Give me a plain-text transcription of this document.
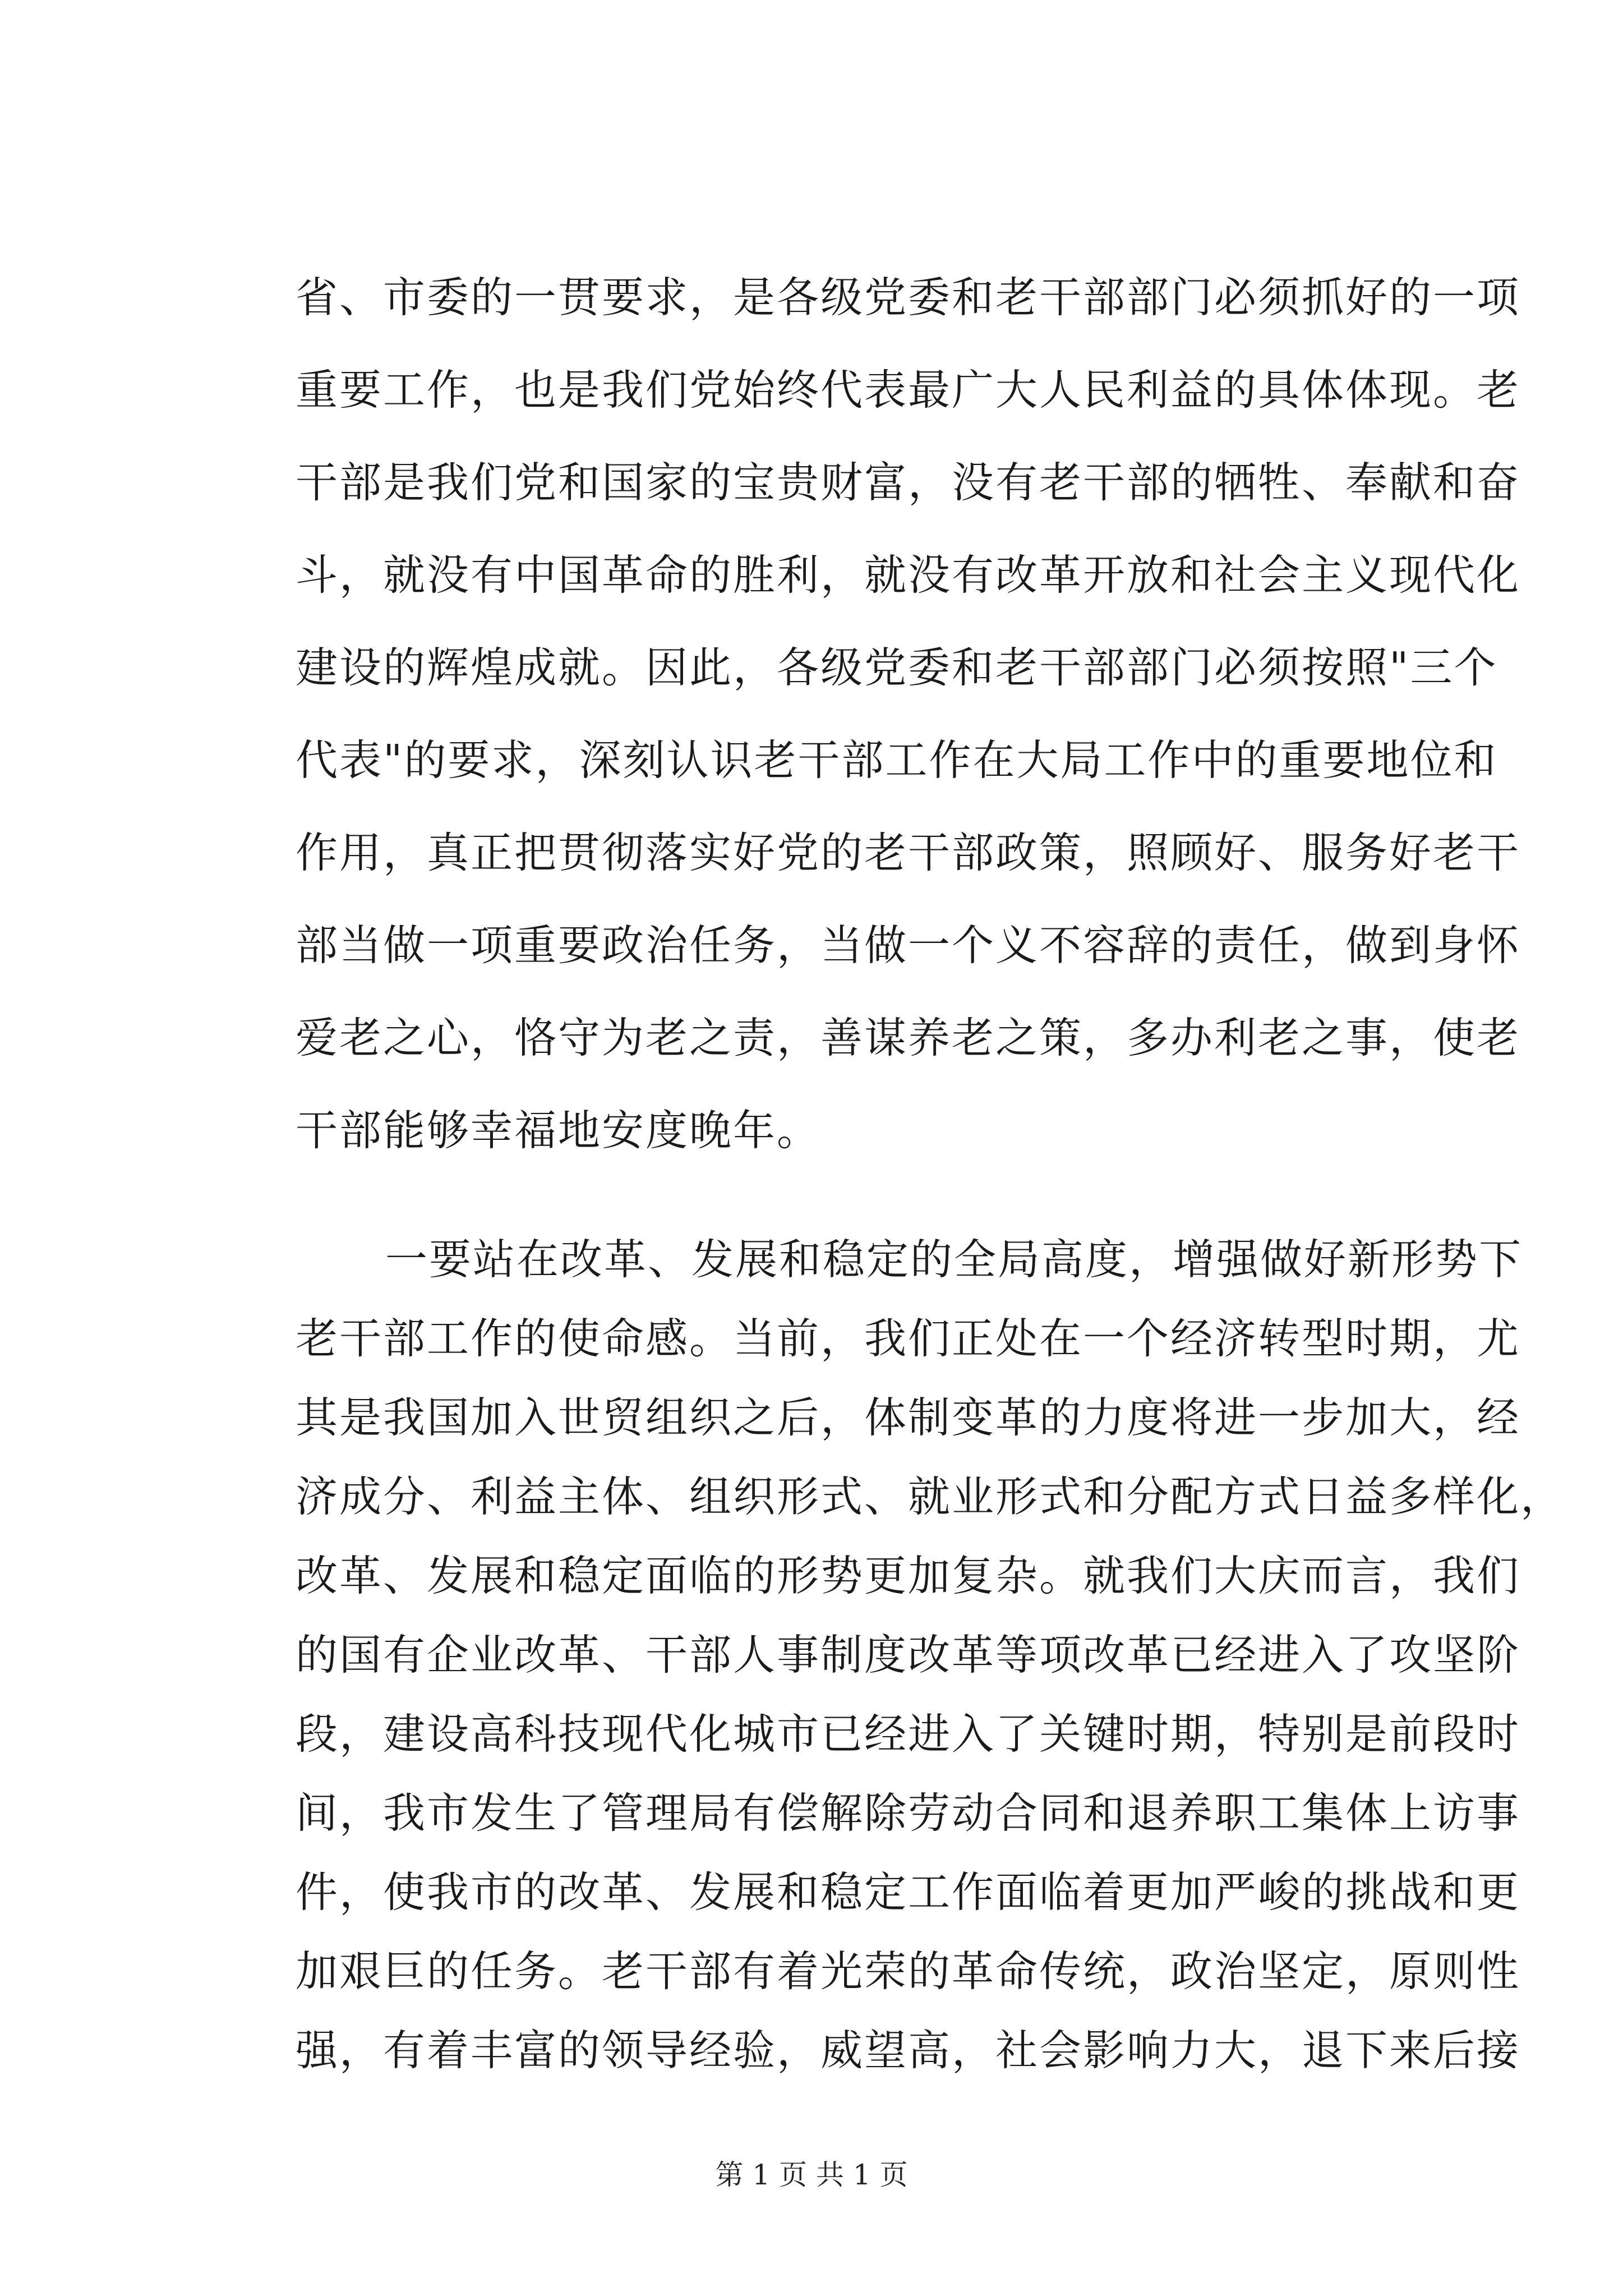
省、市委的一贯要求，是各级党委和老干部部门必须抓好的一项
重要工作，也是我们党始终代表最广大人民利益的具体体现。老
干部是我们党和国家的宝贵财富，没有老干部的牺牲、奉献和奋
斗，就没有中国革命的胜利，就没有改革开放和社会主义现代化
建设的辉煌成就。因此，各级党委和老干部部门必须按照"三个
代表"的要求，深刻认识老干部工作在大局工作中的重要地位和
作用，真正把贯彻落实好党的老干部政策，照顾好、服务好老干
部当做一项重要政治任务，当做一个义不容辞的责任，做到身怀
爱老之心，恪守为老之责，善谋养老之策，多办利老之事，使老
干部能够幸福地安度晚年。
一要站在改革、发展和稳定的全局高度，增强做好新形势下
老干部工作的使命感。当前，我们正处在一个经济转型时期，尤
其是我国加入世贸组织之后，体制变革的力度将进一步加大，经
济成分、利益主体、组织形式、就业形式和分配方式日益多样化，
改革、发展和稳定面临的形势更加复杂。就我们大庆而言，我们
的国有企业改革、干部人事制度改革等项改革已经进入了攻坚阶
段，建设高科技现代化城市已经进入了关键时期，特别是前段时
间，我市发生了管理局有偿解除劳动合同和退养职工集体上访事
件，使我市的改革、发展和稳定工作面临着更加严峻的挑战和更
加艰巨的任务。老干部有着光荣的革命传统，政治坚定，原则性
第 1 页 共 1 页
强，有着丰富的领导经验，威望高，社会影响力大，退下来后接
